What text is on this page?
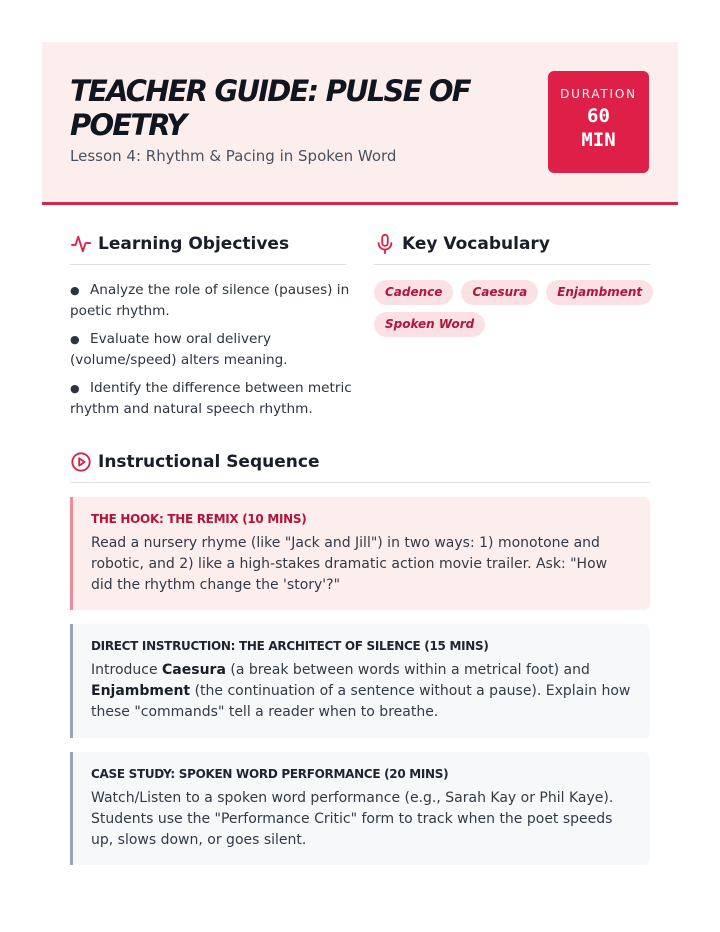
TEACHER GUIDE: PULSE OF POETRY
Lesson 4: Rhythm & Pacing in Spoken Word
DURATION
60
MIN
Learning Objectives
● Analyze the role of silence (pauses) in poetic rhythm.
● Evaluate how oral delivery (volume/speed) alters meaning.
● Identify the difference between metric rhythm and natural speech rhythm.
Key Vocabulary
Cadence	Caesura	Enjambment
Spoken Word
Instructional Sequence
THE HOOK: THE REMIX (10 MINS)
Read a nursery rhyme (like "Jack and Jill") in two ways: 1) monotone and robotic, and 2) like a high-stakes dramatic action movie trailer. Ask: "How did the rhythm change the 'story'?"
DIRECT INSTRUCTION: THE ARCHITECT OF SILENCE (15 MINS)
Introduce Caesura (a break between words within a metrical foot) and Enjambment (the continuation of a sentence without a pause). Explain how these "commands" tell a reader when to breathe.
CASE STUDY: SPOKEN WORD PERFORMANCE (20 MINS)
Watch/Listen to a spoken word performance (e.g., Sarah Kay or Phil Kaye). Students use the "Performance Critic" form to track when the poet speeds up, slows down, or goes silent.
